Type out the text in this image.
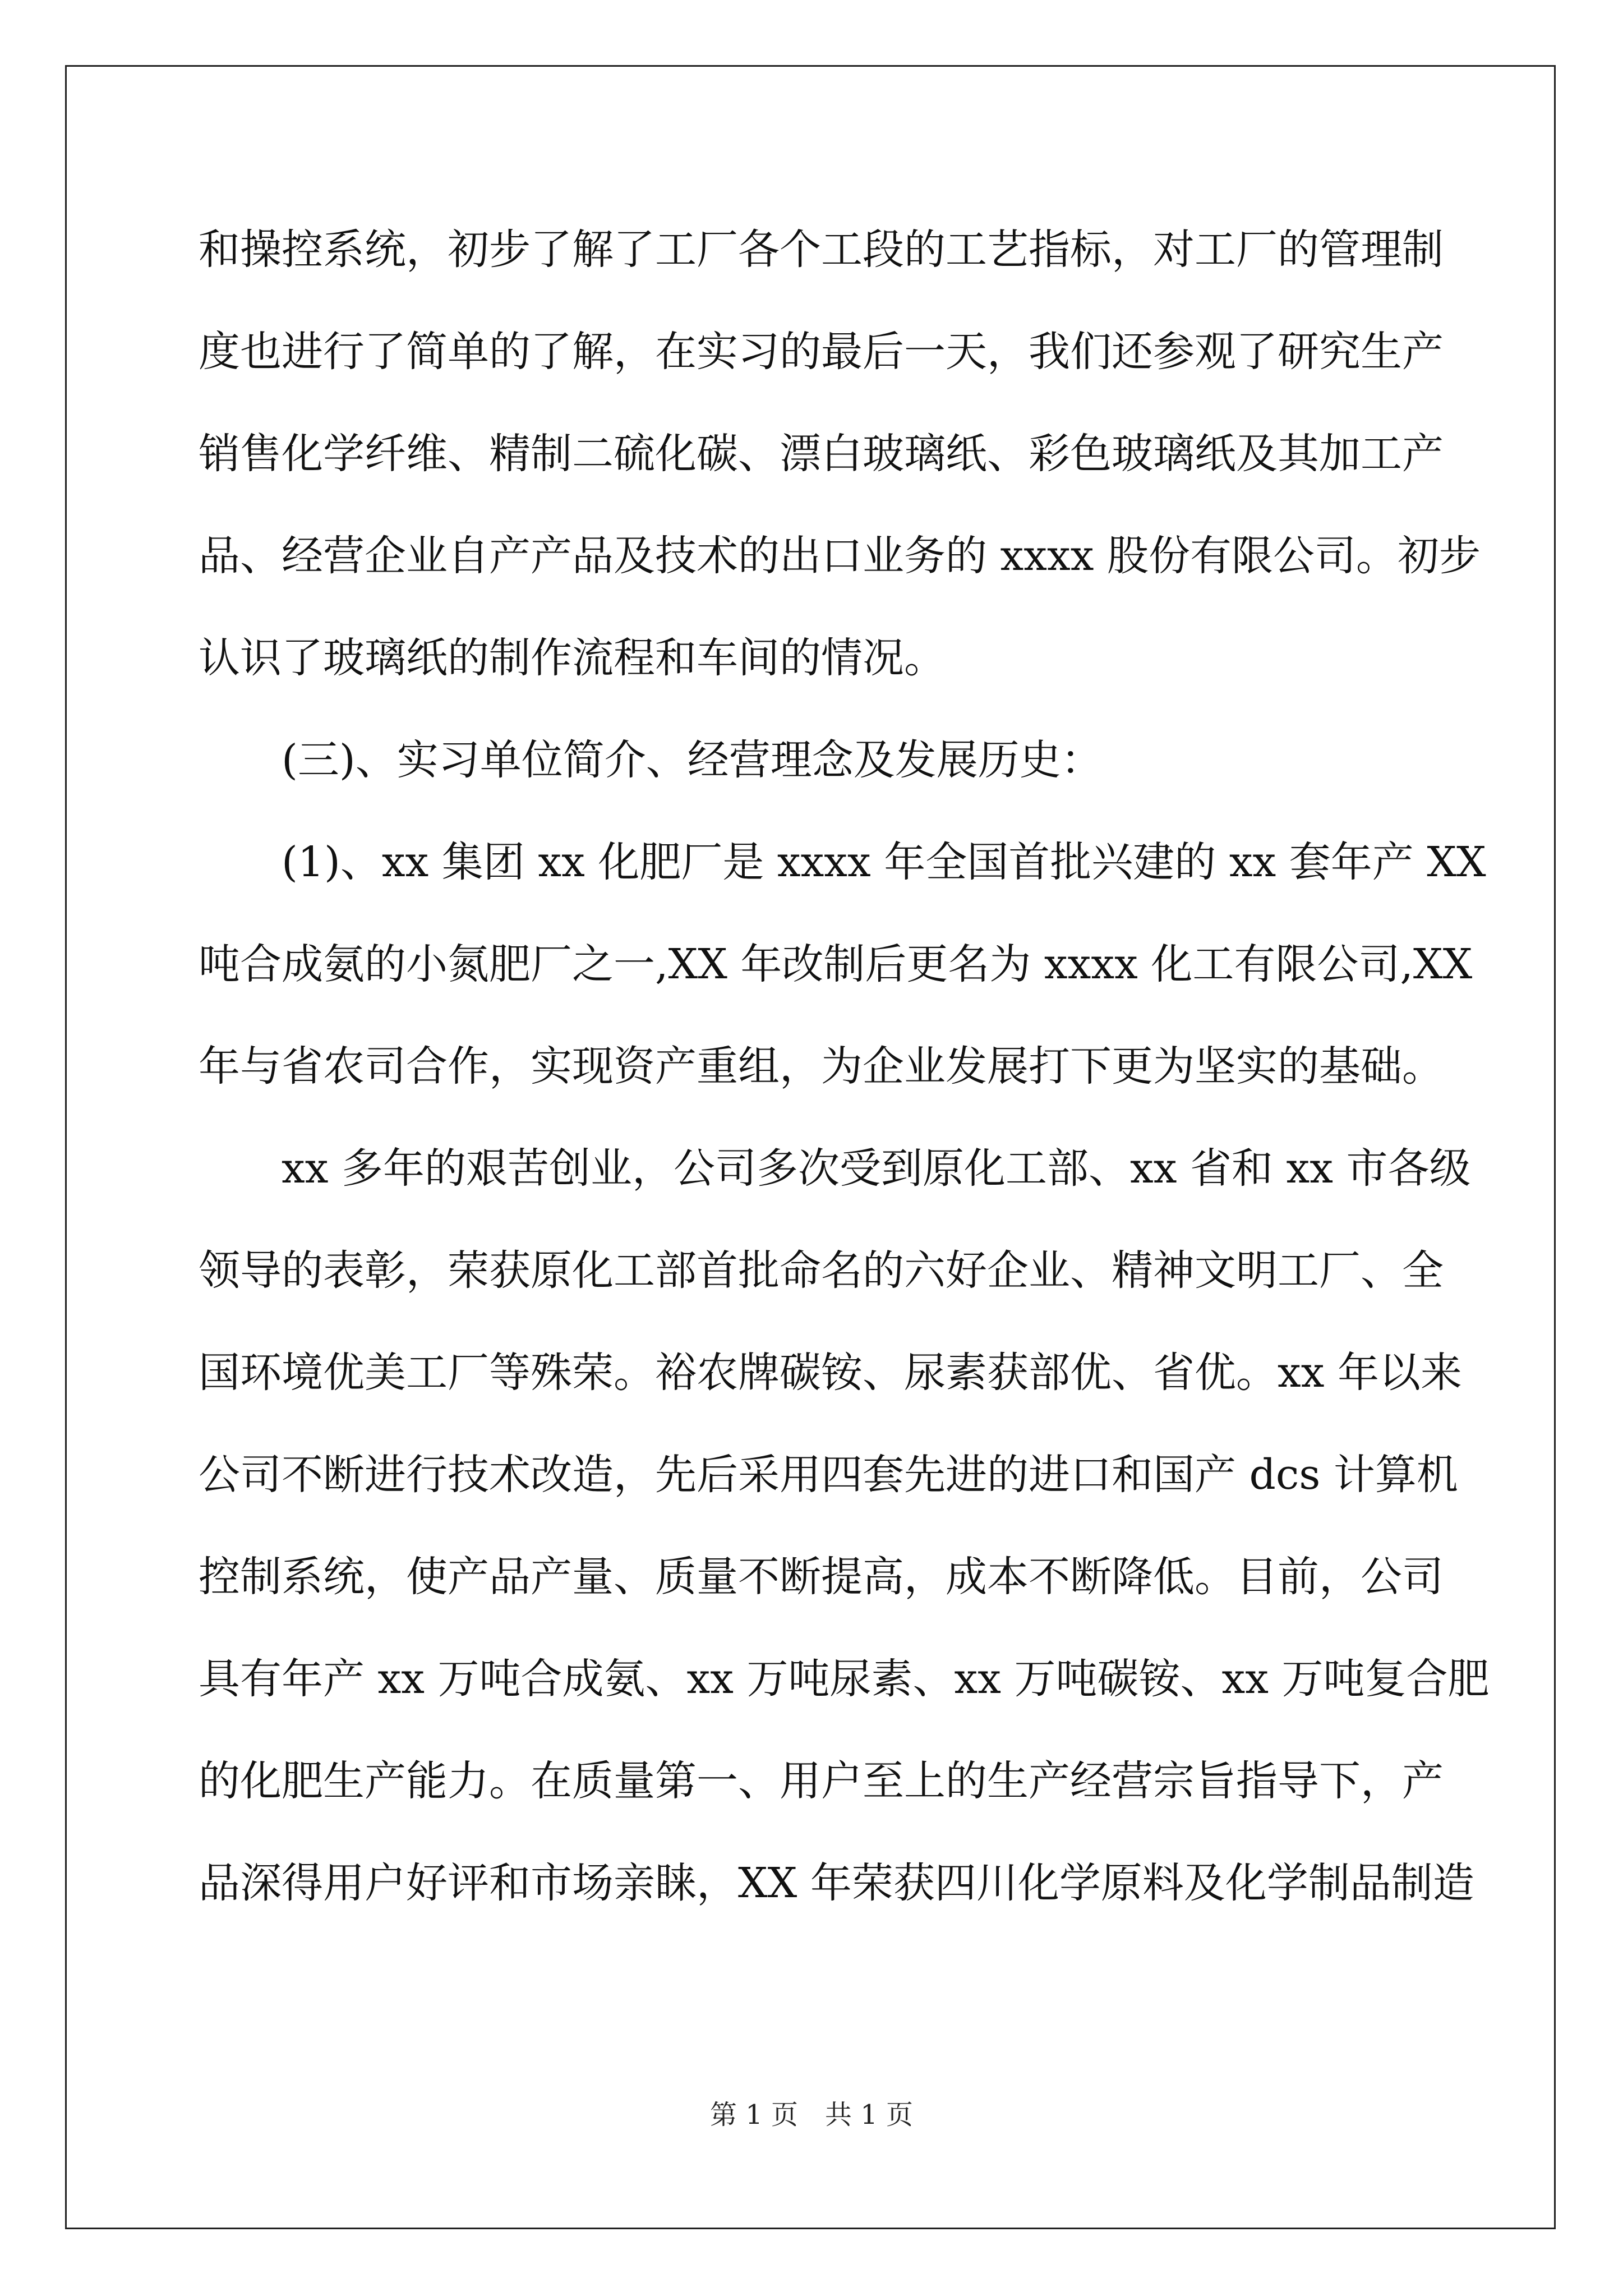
和操控系统，初步了解了工厂各个工段的工艺指标，对工厂的管理制
度也进行了简单的了解，在实习的最后一天，我们还参观了研究生产
销售化学纤维、精制二硫化碳、漂白玻璃纸、彩色玻璃纸及其加工产
品、经营企业自产产品及技术的出口业务的 xxxx 股份有限公司。初步
认识了玻璃纸的制作流程和车间的情况。
(三)、实习单位简介、经营理念及发展历史：
(1)、xx 集团 xx 化肥厂是 xxxx 年全国首批兴建的 xx 套年产 XX
吨合成氨的小氮肥厂之一,XX 年改制后更名为 xxxx 化工有限公司,XX
年与省农司合作，实现资产重组，为企业发展打下更为坚实的基础。
xx 多年的艰苦创业，公司多次受到原化工部、xx 省和 xx 市各级
领导的表彰，荣获原化工部首批命名的六好企业、精神文明工厂、全
国环境优美工厂等殊荣。裕农牌碳铵、尿素获部优、省优。xx 年以来
公司不断进行技术改造，先后采用四套先进的进口和国产 dcs 计算机
控制系统，使产品产量、质量不断提高，成本不断降低。目前，公司
具有年产 xx 万吨合成氨、xx 万吨尿素、xx 万吨碳铵、xx 万吨复合肥
的化肥生产能力。在质量第一、用户至上的生产经营宗旨指导下，产
品深得用户好评和市场亲睐，XX 年荣获四川化学原料及化学制品制造
第 1 页　共 1 页
